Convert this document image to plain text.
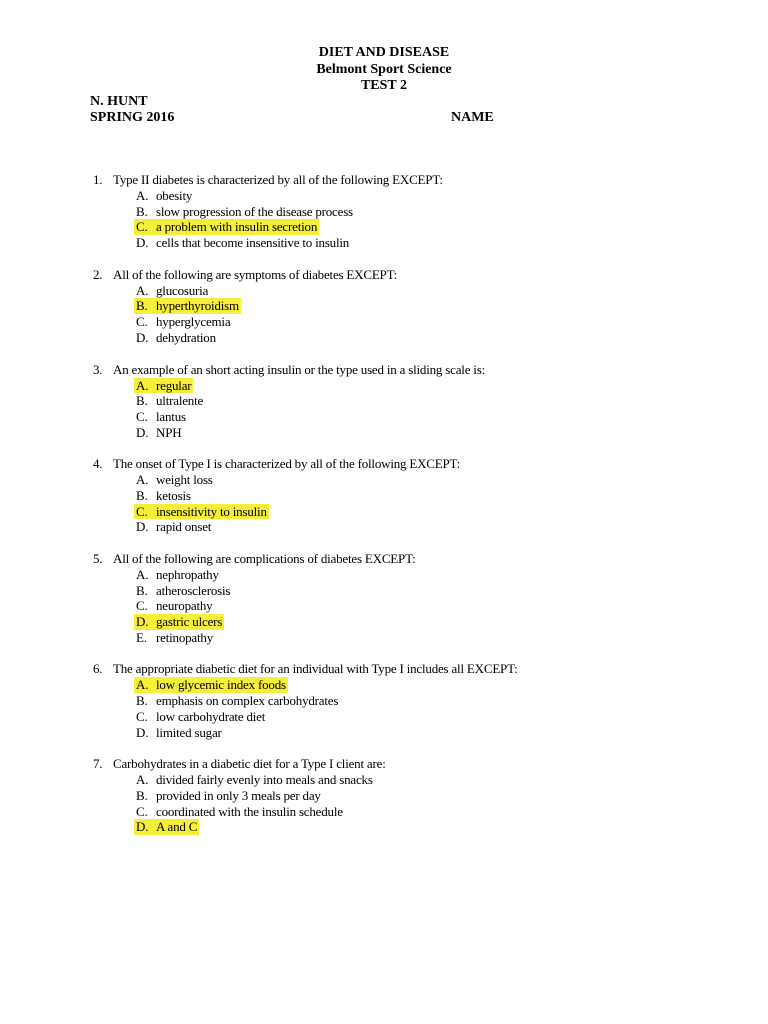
DIET AND DISEASE
Belmont Sport Science
TEST 2
N. HUNT
SPRING 2016	NAME
1. Type II diabetes is characterized by all of the following EXCEPT:
A. obesity
B. slow progression of the disease process
C. a problem with insulin secretion
D. cells that become insensitive to insulin
2. All of the following are symptoms of diabetes EXCEPT:
A. glucosuria
B. hyperthyroidism
C. hyperglycemia
D. dehydration
3. An example of an short acting insulin or the type used in a sliding scale is:
A. regular
B. ultralente
C. lantus
D. NPH
4. The onset of Type I is characterized by all of the following EXCEPT:
A. weight loss
B. ketosis
C. insensitivity to insulin
D. rapid onset
5. All of the following are complications of diabetes EXCEPT:
A. nephropathy
B. atherosclerosis
C. neuropathy
D. gastric ulcers
E. retinopathy
6. The appropriate diabetic diet for an individual with Type I includes all EXCEPT:
A. low glycemic index foods
B. emphasis on complex carbohydrates
C. low carbohydrate diet
D. limited sugar
7. Carbohydrates in a diabetic diet for a Type I client are:
A. divided fairly evenly into meals and snacks
B. provided in only 3 meals per day
C. coordinated with the insulin schedule
D. A and C
